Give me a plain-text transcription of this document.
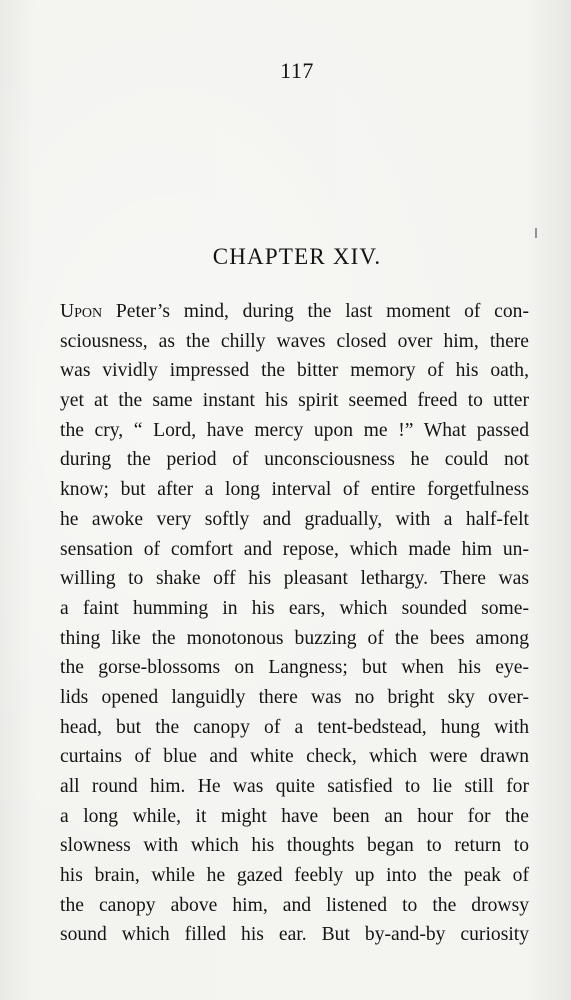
117
CHAPTER XIV.
Upon Peter’s mind, during the last moment of con-
sciousness, as the chilly waves closed over him, there
was vividly impressed the bitter memory of his oath,
yet at the same instant his spirit seemed freed to utter
the cry, “ Lord, have mercy upon me !” What passed
during the period of unconsciousness he could not
know; but after a long interval of entire forgetfulness
he awoke very softly and gradually, with a half-felt
sensation of comfort and repose, which made him un-
willing to shake off his pleasant lethargy. There was
a faint humming in his ears, which sounded some-
thing like the monotonous buzzing of the bees among
the gorse-blossoms on Langness; but when his eye-
lids opened languidly there was no bright sky over-
head, but the canopy of a tent-bedstead, hung with
curtains of blue and white check, which were drawn
all round him. He was quite satisfied to lie still for
a long while, it might have been an hour for the
slowness with which his thoughts began to return to
his brain, while he gazed feebly up into the peak of
the canopy above him, and listened to the drowsy
sound which filled his ear. But by-and-by curiosity
